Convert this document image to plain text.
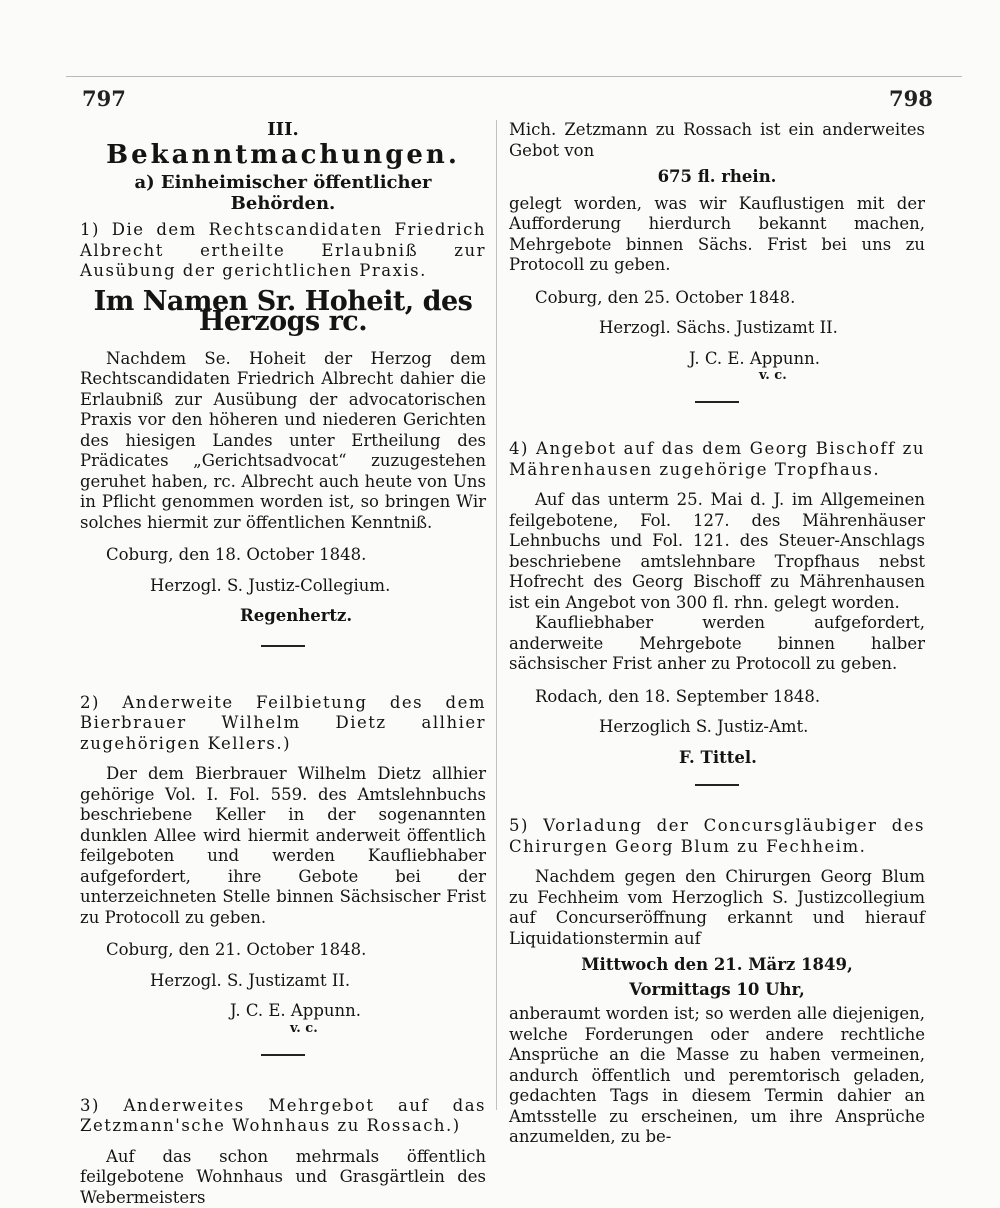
797	798

III.

Bekanntmachungen.

a) Einheimischer öffentlicher Behörden.

1) Die dem Rechtscandidaten Friedrich Albrecht ertheilte Erlaubniß zur Ausübung der gerichtlichen Praxis.

Im Namen Sr. Hoheit, des Herzogs rc.

Nachdem Se. Hoheit der Herzog dem Rechtscandidaten Friedrich Albrecht dahier die Erlaubniß zur Ausübung der advocatorischen Praxis vor den höheren und niederen Gerichten des hiesigen Landes unter Ertheilung des Prädicates „Gerichtsadvocat“ zuzugestehen geruhet haben, rc. Albrecht auch heute von Uns in Pflicht genommen worden ist, so bringen Wir solches hiermit zur öffentlichen Kenntniß.

Coburg, den 18. October 1848.

Herzogl. S. Justiz-Collegium.

Regenhertz.

2) Anderweite Feilbietung des dem Bierbrauer Wilhelm Dietz allhier zugehörigen Kellers.)

Der dem Bierbrauer Wilhelm Dietz allhier gehörige Vol. I. Fol. 559. des Amtslehnbuchs beschriebene Keller in der sogenannten dunklen Allee wird hiermit anderweit öffentlich feilgeboten und werden Kaufliebhaber aufgefordert, ihre Gebote bei der unterzeichneten Stelle binnen Sächsischer Frist zu Protocoll zu geben.

Coburg, den 21. October 1848.

Herzogl. S. Justizamt II.

J. C. E. Appunn.

v. c.

3) Anderweites Mehrgebot auf das Zetzmann'sche Wohnhaus zu Rossach.)

Auf das schon mehrmals öffentlich feilgebotene Wohnhaus und Grasgärtlein des Webermeisters

Mich. Zetzmann zu Rossach ist ein anderweites Gebot von

675 fl. rhein.

gelegt worden, was wir Kauflustigen mit der Aufforderung hierdurch bekannt machen, Mehrgebote binnen Sächs. Frist bei uns zu Protocoll zu geben.

Coburg, den 25. October 1848.

Herzogl. Sächs. Justizamt II.

J. C. E. Appunn.

v. c.

4) Angebot auf das dem Georg Bischoff zu Mährenhausen zugehörige Tropfhaus.

Auf das unterm 25. Mai d. J. im Allgemeinen feilgebotene, Fol. 127. des Mährenhäuser Lehnbuchs und Fol. 121. des Steuer-Anschlags beschriebene amtslehnbare Tropfhaus nebst Hofrecht des Georg Bischoff zu Mährenhausen ist ein Angebot von 300 fl. rhn. gelegt worden.

Kaufliebhaber werden aufgefordert, anderweite Mehrgebote binnen halber sächsischer Frist anher zu Protocoll zu geben.

Rodach, den 18. September 1848.

Herzoglich S. Justiz-Amt.

F. Tittel.

5) Vorladung der Concursgläubiger des Chirurgen Georg Blum zu Fechheim.

Nachdem gegen den Chirurgen Georg Blum zu Fechheim vom Herzoglich S. Justizcollegium auf Concurseröffnung erkannt und hierauf Liquidationstermin auf

Mittwoch den 21. März 1849,

Vormittags 10 Uhr,

anberaumt worden ist; so werden alle diejenigen, welche Forderungen oder andere rechtliche Ansprüche an die Masse zu haben vermeinen, andurch öffentlich und peremtorisch geladen, gedachten Tags in diesem Termin dahier an Amtsstelle zu erscheinen, um ihre Ansprüche anzumelden, zu be-
